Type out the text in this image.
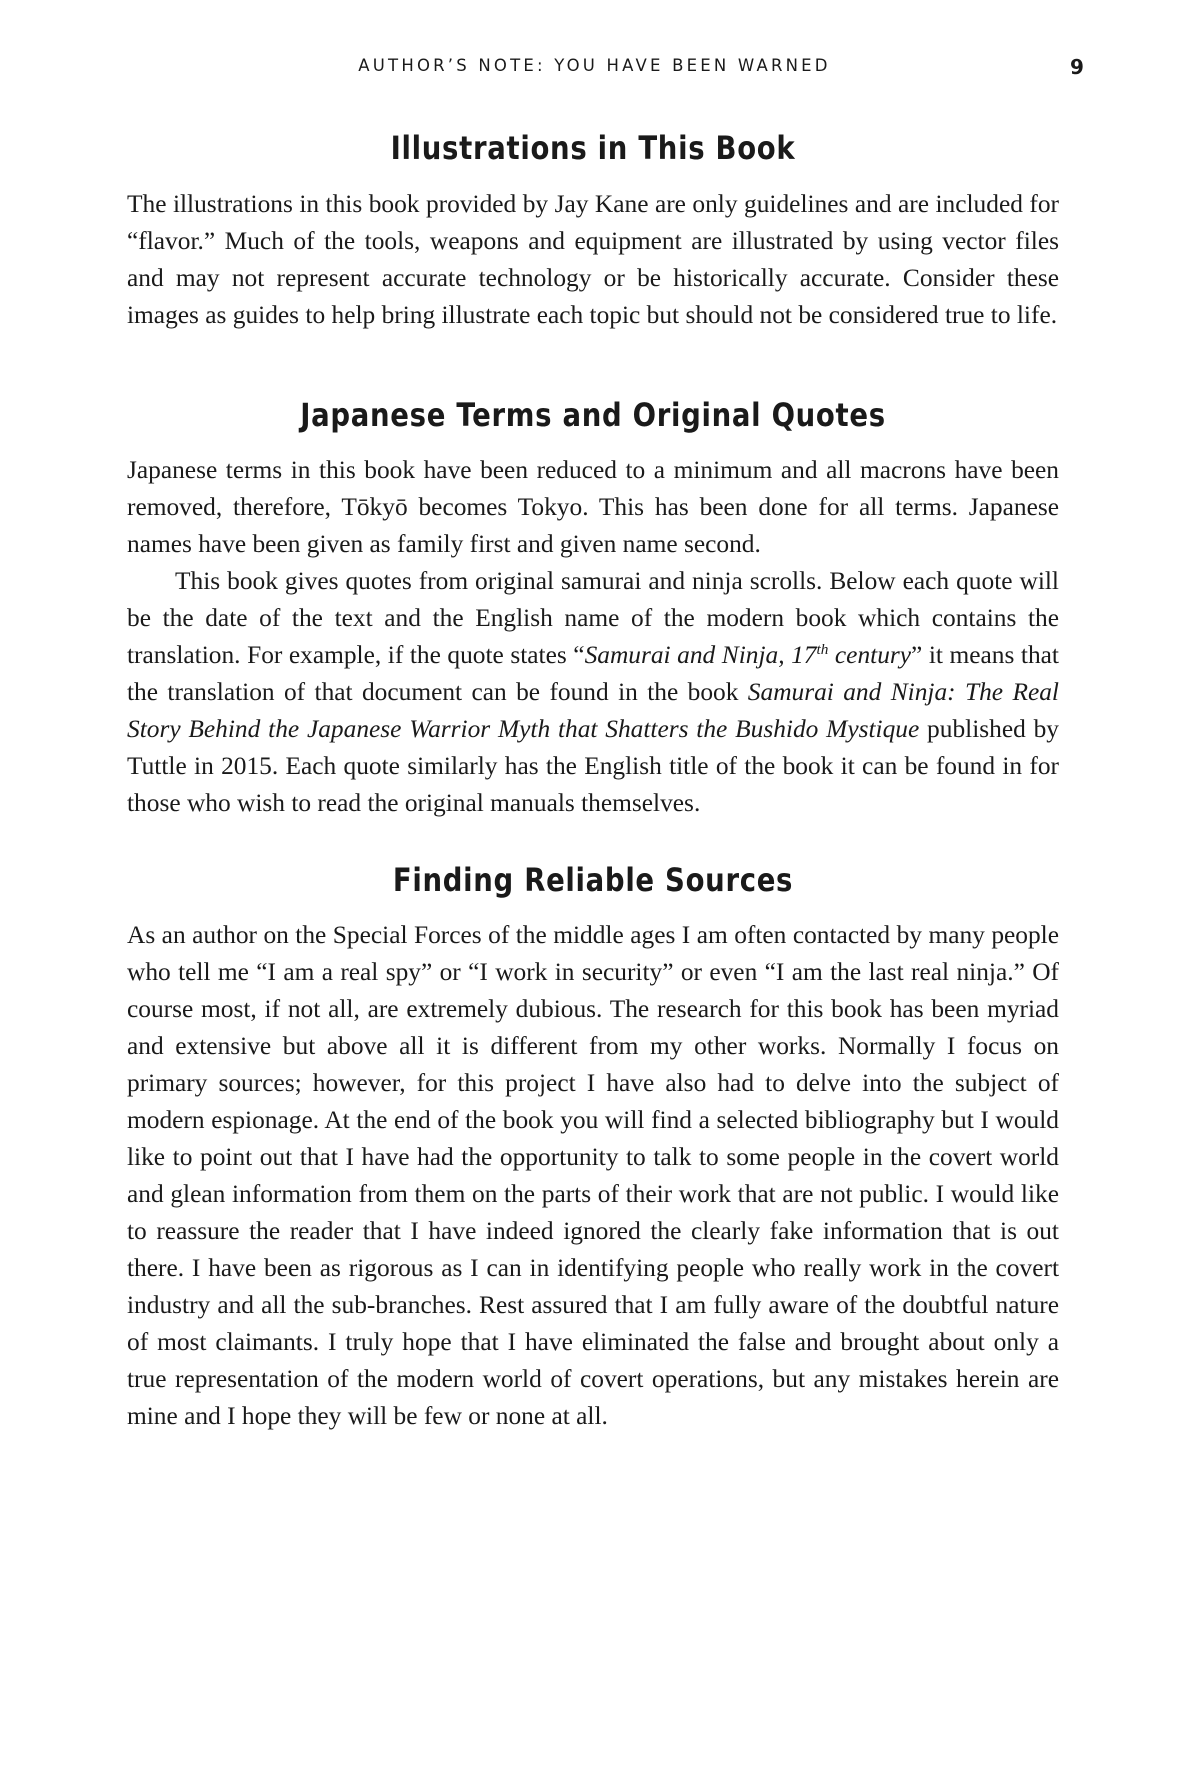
AUTHOR’S NOTE: YOU HAVE BEEN WARNED	9
Illustrations in This Book

The illustrations in this book provided by Jay Kane are only guidelines and are included for “flavor.” Much of the tools, weapons and equipment are illustrated by using vector files and may not represent accurate technology or be historically accurate. Consider these images as guides to help bring illustrate each topic but should not be considered true to life.

Japanese Terms and Original Quotes

Japanese terms in this book have been reduced to a minimum and all macrons have been removed, therefore, Tōkyō becomes Tokyo. This has been done for all terms. Japanese names have been given as family first and given name second.

This book gives quotes from original samurai and ninja scrolls. Below each quote will be the date of the text and the English name of the modern book which contains the translation. For example, if the quote states “Samurai and Ninja, 17th century” it means that the translation of that document can be found in the book Samurai and Ninja: The Real Story Behind the Japanese Warrior Myth that Shatters the Bushido Mystique published by Tuttle in 2015. Each quote similarly has the English title of the book it can be found in for those who wish to read the original manuals themselves.

Finding Reliable Sources

As an author on the Special Forces of the middle ages I am often contacted by many people who tell me “I am a real spy” or “I work in security” or even “I am the last real ninja.” Of course most, if not all, are extremely dubious. The research for this book has been myriad and extensive but above all it is different from my other works. Normally I focus on primary sources; however, for this project I have also had to delve into the subject of modern espionage. At the end of the book you will find a selected bibliography but I would like to point out that I have had the opportunity to talk to some people in the covert world and glean information from them on the parts of their work that are not public. I would like to reassure the reader that I have indeed ignored the clearly fake information that is out there. I have been as rigorous as I can in identifying people who really work in the covert industry and all the sub-branches. Rest assured that I am fully aware of the doubtful nature of most claimants. I truly hope that I have eliminated the false and brought about only a true representation of the modern world of covert operations, but any mistakes herein are mine and I hope they will be few or none at all.
